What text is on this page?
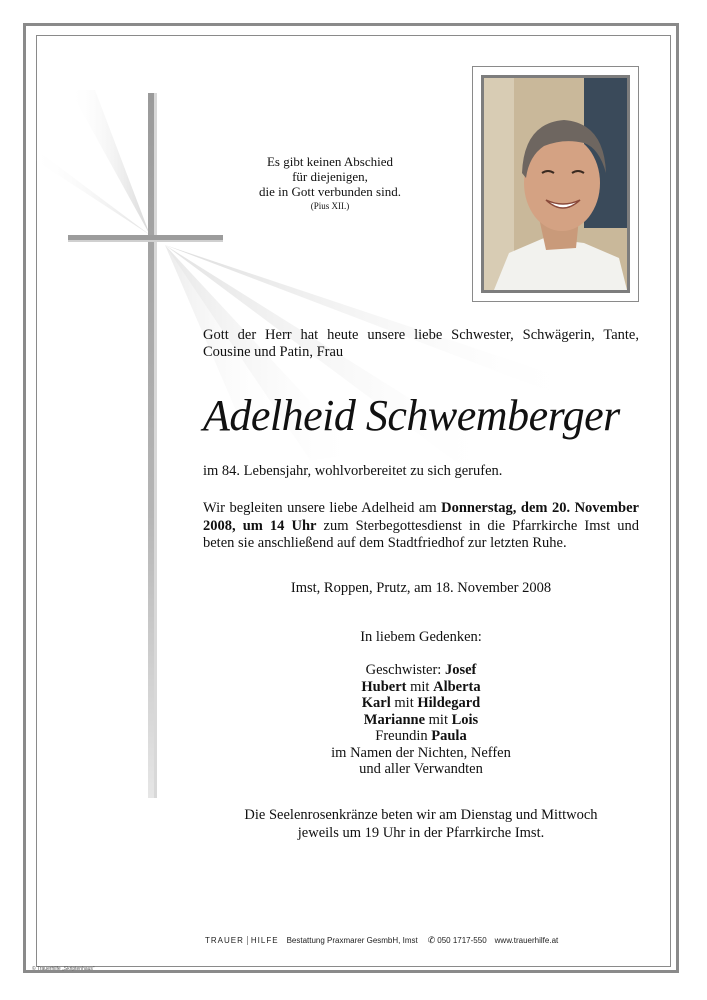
Es gibt keinen Abschied
für diejenigen,
die in Gott verbunden sind.
(Pius XII.)
Gott der Herr hat heute unsere liebe Schwester, Schwägerin, Tante, Cousine und Patin, Frau
Adelheid Schwemberger
im 84. Lebensjahr, wohlvorbereitet zu sich gerufen.
Wir begleiten unsere liebe Adelheid am Donnerstag, dem 20. November 2008, um 14 Uhr zum Sterbegottesdienst in die Pfarrkirche Imst und beten sie anschließend auf dem Stadtfriedhof zur letzten Ruhe.
Imst, Roppen, Prutz, am 18. November 2008
In liebem Gedenken:
Geschwister: Josef
Hubert mit Alberta
Karl mit Hildegard
Marianne mit Lois
Freundin Paula
im Namen der Nichten, Neffen
und aller Verwandten
Die Seelenrosenkränze beten wir am Dienstag und Mittwoch
jeweils um 19 Uhr in der Pfarrkirche Imst.
TRAUER HILFE Bestattung Praxmarer GesmbH, Imst ✆ 050 1717-550 www.trauerhilfe.at
© Trauerhilfe „Skriptenhaus“
